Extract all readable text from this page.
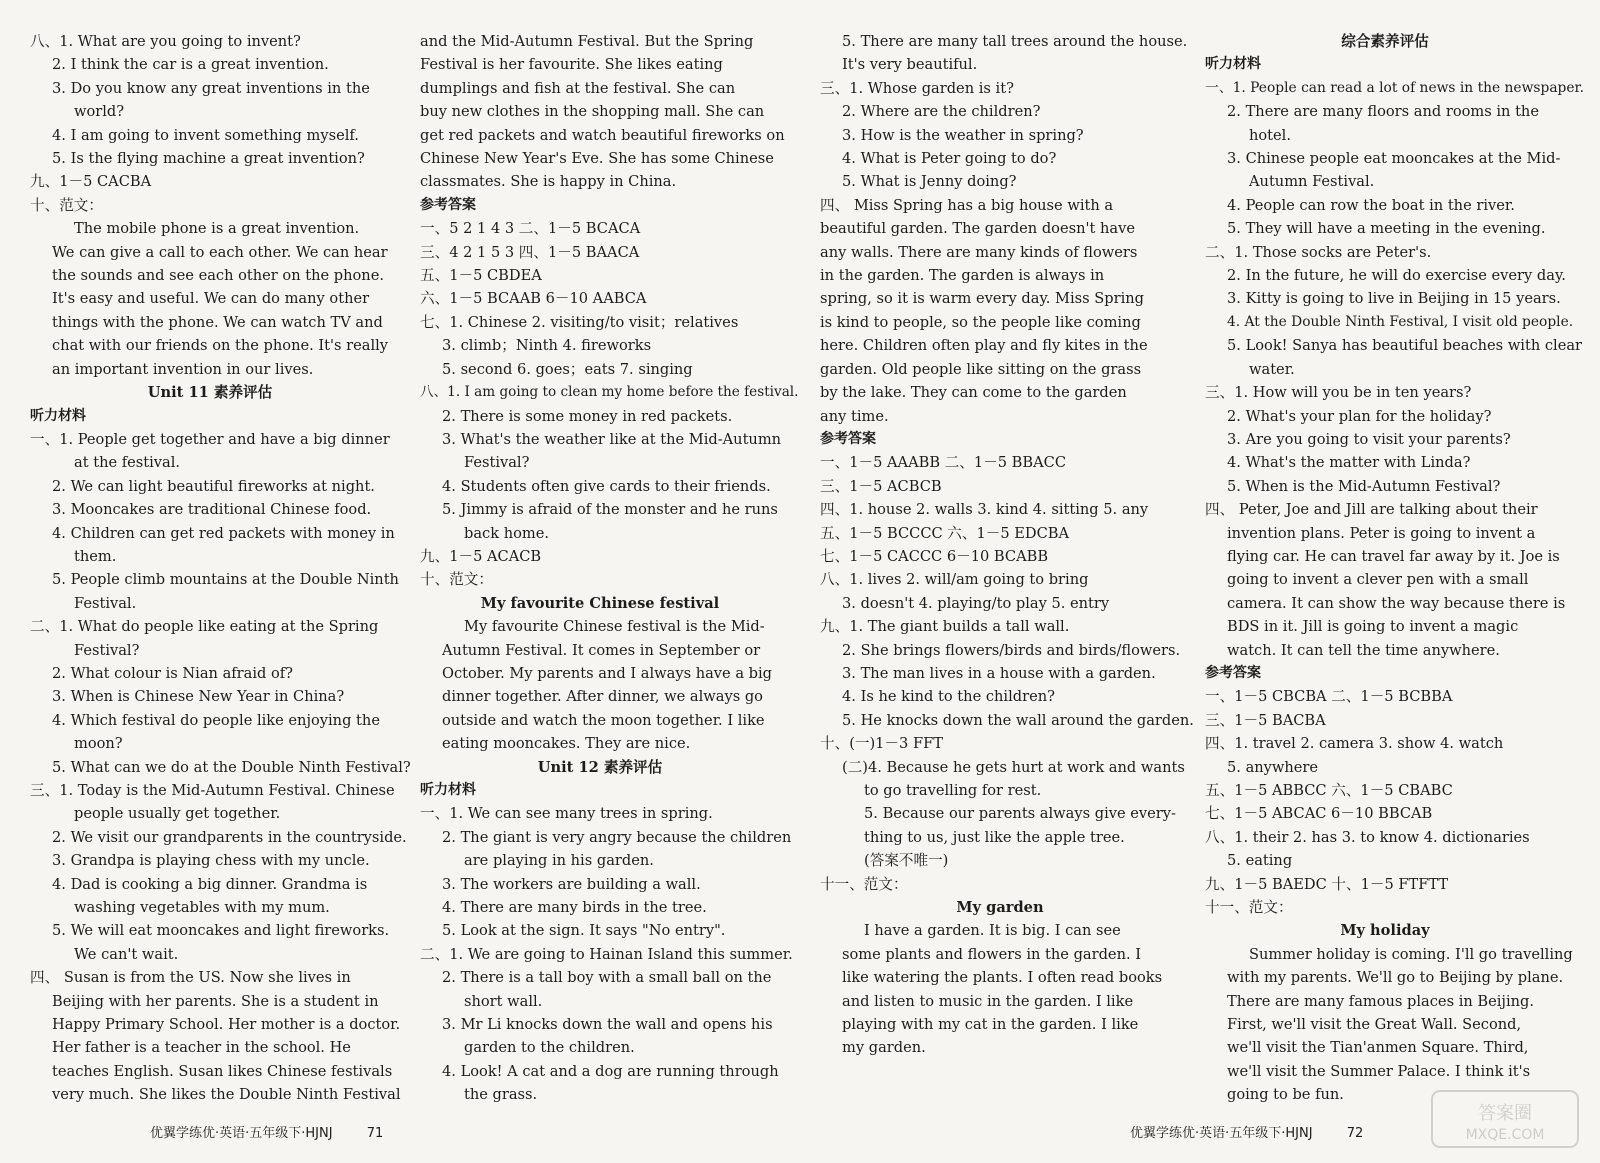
八、1. What are you going to invent?
2. I think the car is a great invention.
3. Do you know any great inventions in the
world?
4. I am going to invent something myself.
5. Is the flying machine a great invention?
九、1－5 CACBA
十、范文：
The mobile phone is a great invention.
We can give a call to each other. We can hear
the sounds and see each other on the phone.
It's easy and useful. We can do many other
things with the phone. We can watch TV and
chat with our friends on the phone. It's really
an important invention in our lives.
Unit 11 素养评估
听力材料
一、1. People get together and have a big dinner
at the festival.
2. We can light beautiful fireworks at night.
3. Mooncakes are traditional Chinese food.
4. Children can get red packets with money in
them.
5. People climb mountains at the Double Ninth
Festival.
二、1. What do people like eating at the Spring
Festival?
2. What colour is Nian afraid of?
3. When is Chinese New Year in China?
4. Which festival do people like enjoying the
moon?
5. What can we do at the Double Ninth Festival?
三、1. Today is the Mid-Autumn Festival. Chinese
people usually get together.
2. We visit our grandparents in the countryside.
3. Grandpa is playing chess with my uncle.
4. Dad is cooking a big dinner. Grandma is
washing vegetables with my mum.
5. We will eat mooncakes and light fireworks.
We can't wait.
四、 Susan is from the US. Now she lives in
Beijing with her parents. She is a student in
Happy Primary School. Her mother is a doctor.
Her father is a teacher in the school. He
teaches English. Susan likes Chinese festivals
very much. She likes the Double Ninth Festival
and the Mid-Autumn Festival. But the Spring
Festival is her favourite. She likes eating
dumplings and fish at the festival. She can
buy new clothes in the shopping mall. She can
get red packets and watch beautiful fireworks on
Chinese New Year's Eve. She has some Chinese
classmates. She is happy in China.
参考答案
一、5 2 1 4 3 二、1－5 BCACA
三、4 2 1 5 3 四、1－5 BAACA
五、1－5 CBDEA
六、1－5 BCAAB 6－10 AABCA
七、1. Chinese 2. visiting/to visit；relatives
3. climb；Ninth 4. fireworks
5. second 6. goes；eats 7. singing
八、1. I am going to clean my home before the festival.
2. There is some money in red packets.
3. What's the weather like at the Mid-Autumn
Festival?
4. Students often give cards to their friends.
5. Jimmy is afraid of the monster and he runs
back home.
九、1－5 ACACB
十、范文：
My favourite Chinese festival
My favourite Chinese festival is the Mid-
Autumn Festival. It comes in September or
October. My parents and I always have a big
dinner together. After dinner, we always go
outside and watch the moon together. I like
eating mooncakes. They are nice.
Unit 12 素养评估
听力材料
一、1. We can see many trees in spring.
2. The giant is very angry because the children
are playing in his garden.
3. The workers are building a wall.
4. There are many birds in the tree.
5. Look at the sign. It says "No entry".
二、1. We are going to Hainan Island this summer.
2. There is a tall boy with a small ball on the
short wall.
3. Mr Li knocks down the wall and opens his
garden to the children.
4. Look! A cat and a dog are running through
the grass.
5. There are many tall trees around the house.
It's very beautiful.
三、1. Whose garden is it?
2. Where are the children?
3. How is the weather in spring?
4. What is Peter going to do?
5. What is Jenny doing?
四、 Miss Spring has a big house with a
beautiful garden. The garden doesn't have
any walls. There are many kinds of flowers
in the garden. The garden is always in
spring, so it is warm every day. Miss Spring
is kind to people, so the people like coming
here. Children often play and fly kites in the
garden. Old people like sitting on the grass
by the lake. They can come to the garden
any time.
参考答案
一、1－5 AAABB 二、1－5 BBACC
三、1－5 ACBCB
四、1. house 2. walls 3. kind 4. sitting 5. any
五、1－5 BCCCC 六、1－5 EDCBA
七、1－5 CACCC 6－10 BCABB
八、1. lives 2. will/am going to bring
3. doesn't 4. playing/to play 5. entry
九、1. The giant builds a tall wall.
2. She brings flowers/birds and birds/flowers.
3. The man lives in a house with a garden.
4. Is he kind to the children?
5. He knocks down the wall around the garden.
十、(一)1－3 FFT
(二)4. Because he gets hurt at work and wants
to go travelling for rest.
5. Because our parents always give every-
thing to us, just like the apple tree.
(答案不唯一)
十一、范文：
My garden
I have a garden. It is big. I can see
some plants and flowers in the garden. I
like watering the plants. I often read books
and listen to music in the garden. I like
playing with my cat in the garden. I like
my garden.
综合素养评估
听力材料
一、1. People can read a lot of news in the newspaper.
2. There are many floors and rooms in the
hotel.
3. Chinese people eat mooncakes at the Mid-
Autumn Festival.
4. People can row the boat in the river.
5. They will have a meeting in the evening.
二、1. Those socks are Peter's.
2. In the future, he will do exercise every day.
3. Kitty is going to live in Beijing in 15 years.
4. At the Double Ninth Festival, I visit old people.
5. Look! Sanya has beautiful beaches with clear
water.
三、1. How will you be in ten years?
2. What's your plan for the holiday?
3. Are you going to visit your parents?
4. What's the matter with Linda?
5. When is the Mid-Autumn Festival?
四、 Peter, Joe and Jill are talking about their
invention plans. Peter is going to invent a
flying car. He can travel far away by it. Joe is
going to invent a clever pen with a small
camera. It can show the way because there is
BDS in it. Jill is going to invent a magic
watch. It can tell the time anywhere.
参考答案
一、1－5 CBCBA 二、1－5 BCBBA
三、1－5 BACBA
四、1. travel 2. camera 3. show 4. watch
5. anywhere
五、1－5 ABBCC 六、1－5 CBABC
七、1－5 ABCAC 6－10 BBCAB
八、1. their 2. has 3. to know 4. dictionaries
5. eating
九、1－5 BAEDC 十、1－5 FTFTT
十一、范文：
My holiday
Summer holiday is coming. I'll go travelling
with my parents. We'll go to Beijing by plane.
There are many famous places in Beijing.
First, we'll visit the Great Wall. Second,
we'll visit the Tian'anmen Square. Third,
we'll visit the Summer Palace. I think it's
going to be fun.
优翼学练优·英语·五年级下·HJNJ	71	优翼学练优·英语·五年级下·HJNJ	72
答案圈
MXQE.COM
